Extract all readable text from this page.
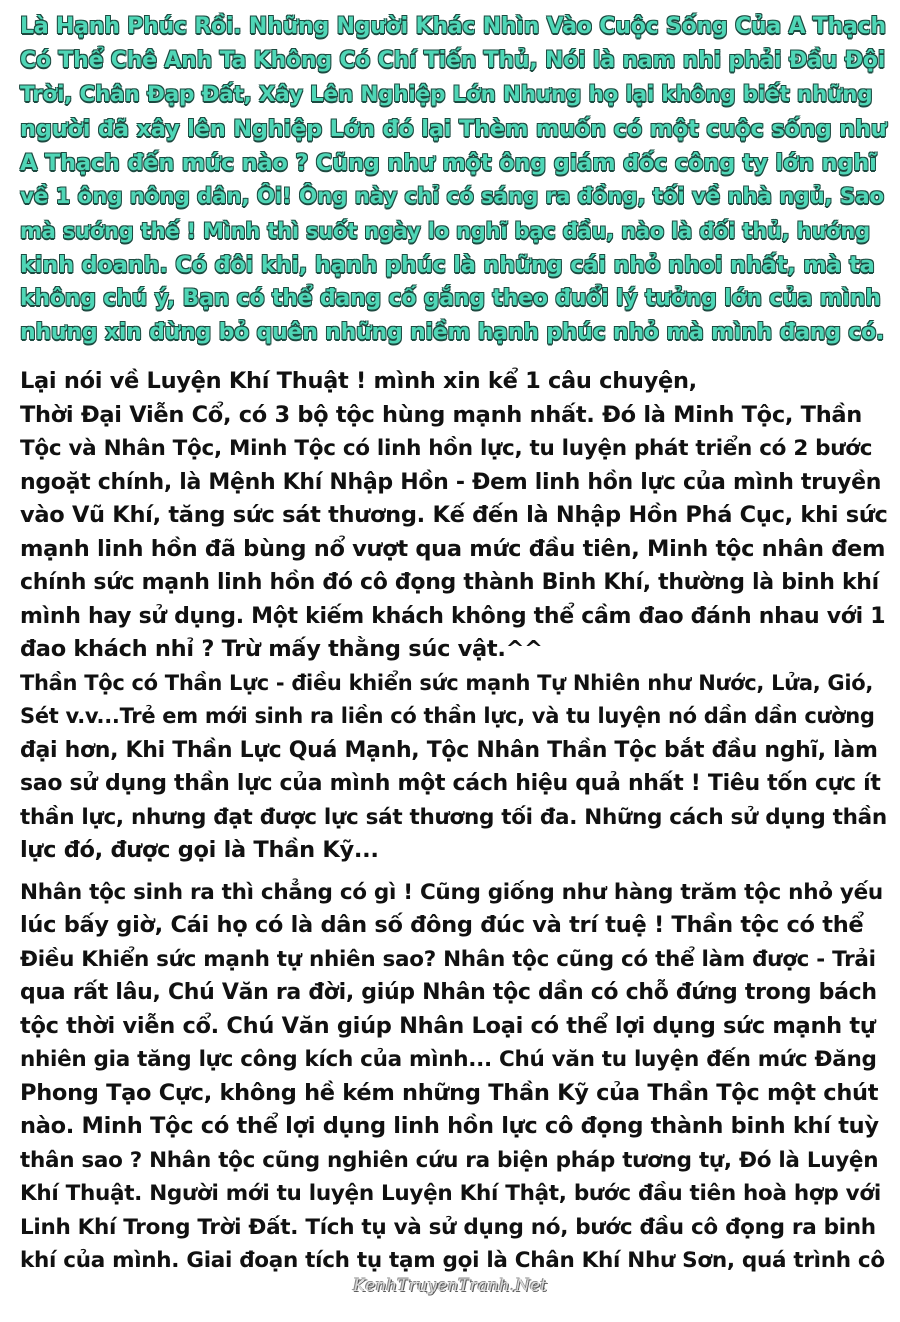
Là Hạnh Phúc Rồi. Những Người Khác Nhìn Vào Cuộc Sống Của A Thạch
Có Thể Chê Anh Ta Không Có Chí Tiến Thủ, Nói là nam nhi phải Đầu Đội
Trời, Chân Đạp Đất, Xây Lên Nghiệp Lớn Nhưng họ lại không biết những
người đã xây lên Nghiệp Lớn đó lại Thèm muốn có một cuộc sống như
A Thạch đến mức nào ? Cũng như một ông giám đốc công ty lớn nghĩ
về 1 ông nông dân, Ôi! Ông này chỉ có sáng ra đồng, tối về nhà ngủ, Sao
mà sướng thế ! Mình thì suốt ngày lo nghĩ bạc đầu, nào là đối thủ, hướng
kinh doanh. Có đôi khi, hạnh phúc là những cái nhỏ nhoi nhất, mà ta
không chú ý, Bạn có thể đang cố gắng theo đuổi lý tưởng lớn của mình
nhưng xin đừng bỏ quên những niềm hạnh phúc nhỏ mà mình đang có.
Lại nói về Luyện Khí Thuật ! mình xin kể 1 câu chuyện,
Thời Đại Viễn Cổ, có 3 bộ tộc hùng mạnh nhất. Đó là Minh Tộc, Thần
Tộc và Nhân Tộc, Minh Tộc có linh hồn lực, tu luyện phát triển có 2 bước
ngoặt chính, là Mệnh Khí Nhập Hồn - Đem linh hồn lực của mình truyền
vào Vũ Khí, tăng sức sát thương. Kế đến là Nhập Hồn Phá Cục, khi sức
mạnh linh hồn đã bùng nổ vượt qua mức đầu tiên, Minh tộc nhân đem
chính sức mạnh linh hồn đó cô đọng thành Binh Khí, thường là binh khí
mình hay sử dụng. Một kiếm khách không thể cầm đao đánh nhau với 1
đao khách nhỉ ? Trừ mấy thằng súc vật.^^
Thần Tộc có Thần Lực - điều khiển sức mạnh Tự Nhiên như Nước, Lửa, Gió,
Sét v.v...Trẻ em mới sinh ra liền có thần lực, và tu luyện nó dần dần cường
đại hơn, Khi Thần Lực Quá Mạnh, Tộc Nhân Thần Tộc bắt đầu nghĩ, làm
sao sử dụng thần lực của mình một cách hiệu quả nhất ! Tiêu tốn cực ít
thần lực, nhưng đạt được lực sát thương tối đa. Những cách sử dụng thần
lực đó, được gọi là Thần Kỹ...
Nhân tộc sinh ra thì chẳng có gì ! Cũng giống như hàng trăm tộc nhỏ yếu
lúc bấy giờ, Cái họ có là dân số đông đúc và trí tuệ ! Thần tộc có thể
Điều Khiển sức mạnh tự nhiên sao? Nhân tộc cũng có thể làm được - Trải
qua rất lâu, Chú Văn ra đời, giúp Nhân tộc dần có chỗ đứng trong bách
tộc thời viễn cổ. Chú Văn giúp Nhân Loại có thể lợi dụng sức mạnh tự
nhiên gia tăng lực công kích của mình... Chú văn tu luyện đến mức Đăng
Phong Tạo Cực, không hề kém những Thần Kỹ của Thần Tộc một chút
nào. Minh Tộc có thể lợi dụng linh hồn lực cô đọng thành binh khí tuỳ
thân sao ? Nhân tộc cũng nghiên cứu ra biện pháp tương tự, Đó là Luyện
Khí Thuật. Người mới tu luyện Luyện Khí Thật, bước đầu tiên hoà hợp với
Linh Khí Trong Trời Đất. Tích tụ và sử dụng nó, bước đầu cô đọng ra binh
khí của mình. Giai đoạn tích tụ tạm gọi là Chân Khí Như Sơn, quá trình cô
KenhTruyenTranh.Net
